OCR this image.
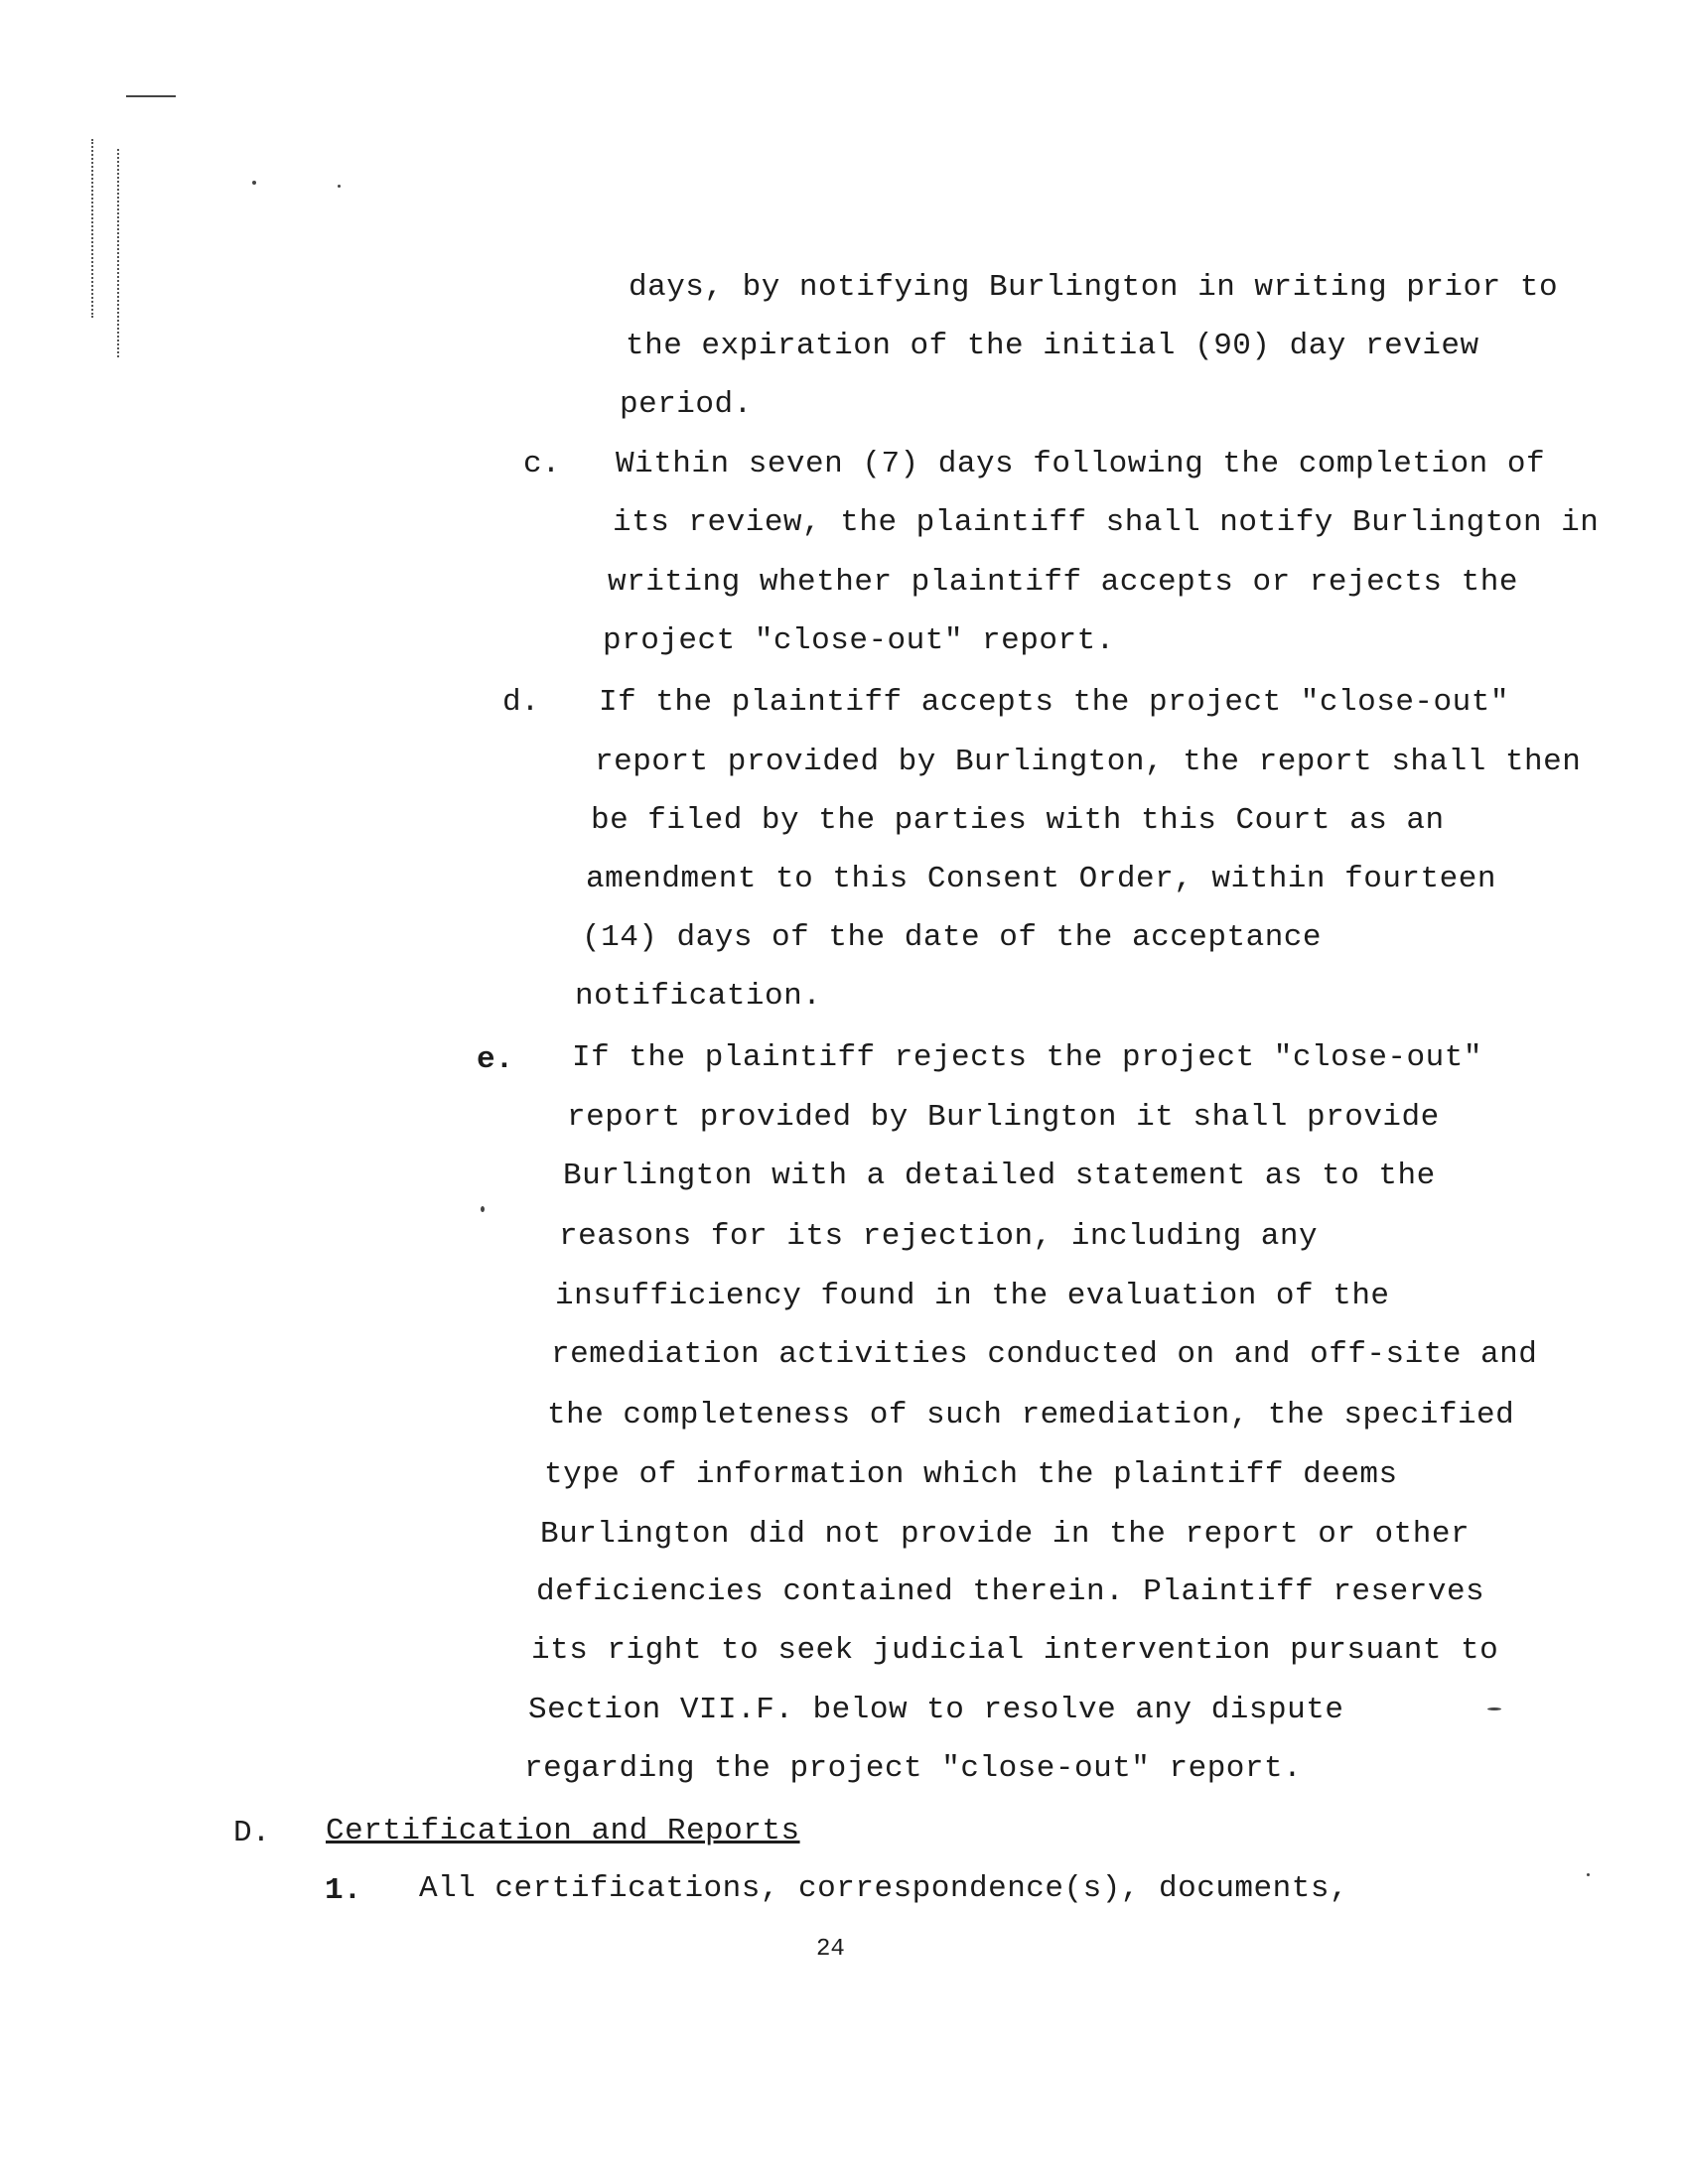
days, by notifying Burlington in writing prior to
the expiration of the initial (90) day review
period.
c. Within seven (7) days following the completion of
its review, the plaintiff shall notify Burlington in
writing whether plaintiff accepts or rejects the
project "close-out" report.
d. If the plaintiff accepts the project "close-out"
report provided by Burlington, the report shall then
be filed by the parties with this Court as an
amendment to this Consent Order, within fourteen
(14) days of the date of the acceptance
notification.
e. If the plaintiff rejects the project "close-out"
report provided by Burlington it shall provide
Burlington with a detailed statement as to the
reasons for its rejection, including any
insufficiency found in the evaluation of the
remediation activities conducted on and off-site and
the completeness of such remediation, the specified
type of information which the plaintiff deems
Burlington did not provide in the report or other
deficiencies contained therein. Plaintiff reserves
its right to seek judicial intervention pursuant to
Section VII.F. below to resolve any dispute
regarding the project "close-out" report.
D. Certification and Reports
1. All certifications, correspondence(s), documents,
24
